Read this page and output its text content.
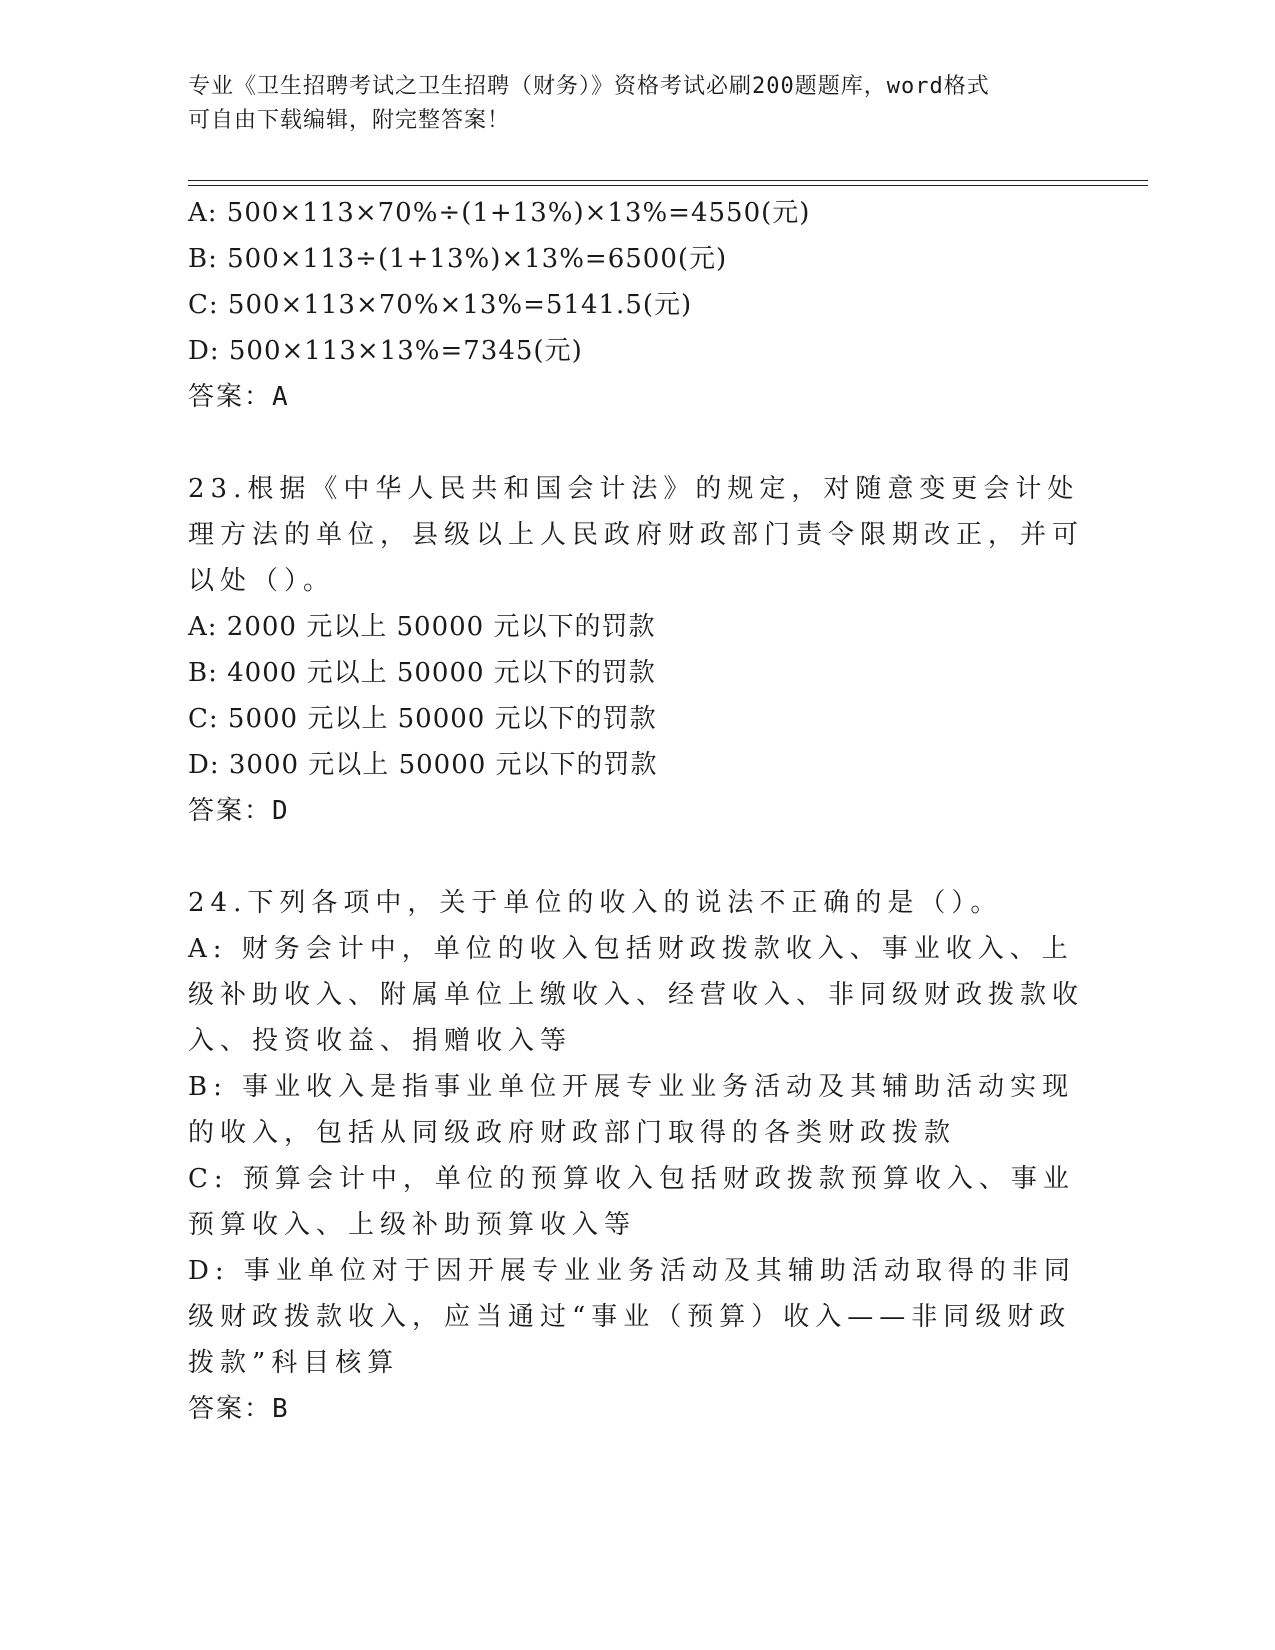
专业《卫生招聘考试之卫生招聘（财务）》资格考试必刷200题题库，word格式
可自由下载编辑，附完整答案！
A: 500×113×70%÷(1+13%)×13%=4550(元)
B: 500×113÷(1+13%)×13%=6500(元)
C: 500×113×70%×13%=5141.5(元)
D: 500×113×13%=7345(元)
答案：A
23.根据《中华人民共和国会计法》的规定，对随意变更会计处理方法的单位，县级以上人民政府财政部门责令限期改正，并可以处（）。
A: 2000 元以上 50000 元以下的罚款
B: 4000 元以上 50000 元以下的罚款
C: 5000 元以上 50000 元以下的罚款
D: 3000 元以上 50000 元以下的罚款
答案：D
24.下列各项中，关于单位的收入的说法不正确的是（）。
A: 财务会计中，单位的收入包括财政拨款收入、事业收入、上级补助收入、附属单位上缴收入、经营收入、非同级财政拨款收入、投资收益、捐赠收入等
B: 事业收入是指事业单位开展专业业务活动及其辅助活动实现的收入，包括从同级政府财政部门取得的各类财政拨款
C: 预算会计中，单位的预算收入包括财政拨款预算收入、事业预算收入、上级补助预算收入等
D: 事业单位对于因开展专业业务活动及其辅助活动取得的非同级财政拨款收入，应当通过“事业（预算）收入——非同级财政拨款”科目核算
答案：B
